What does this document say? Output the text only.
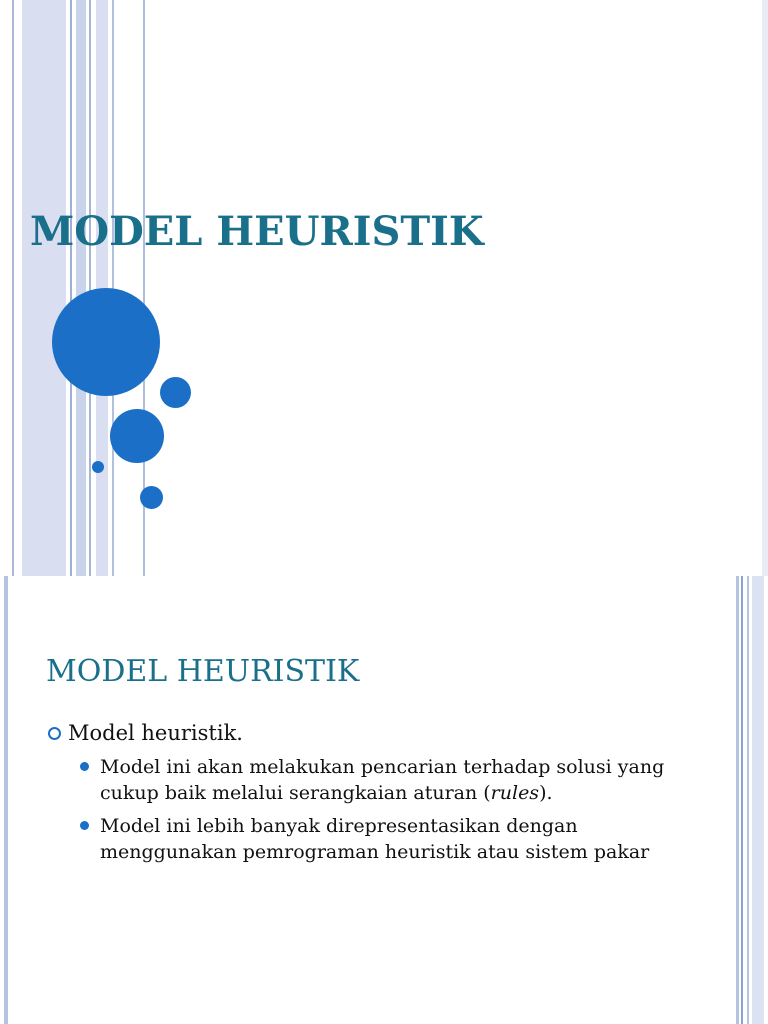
MODEL HEURISTIK
MODEL HEURISTIK
Model heuristik.
Model ini akan melakukan pencarian terhadap solusi yang
cukup baik melalui serangkaian aturan (rules).
Model ini lebih banyak direpresentasikan dengan
menggunakan pemrograman heuristik atau sistem pakar
